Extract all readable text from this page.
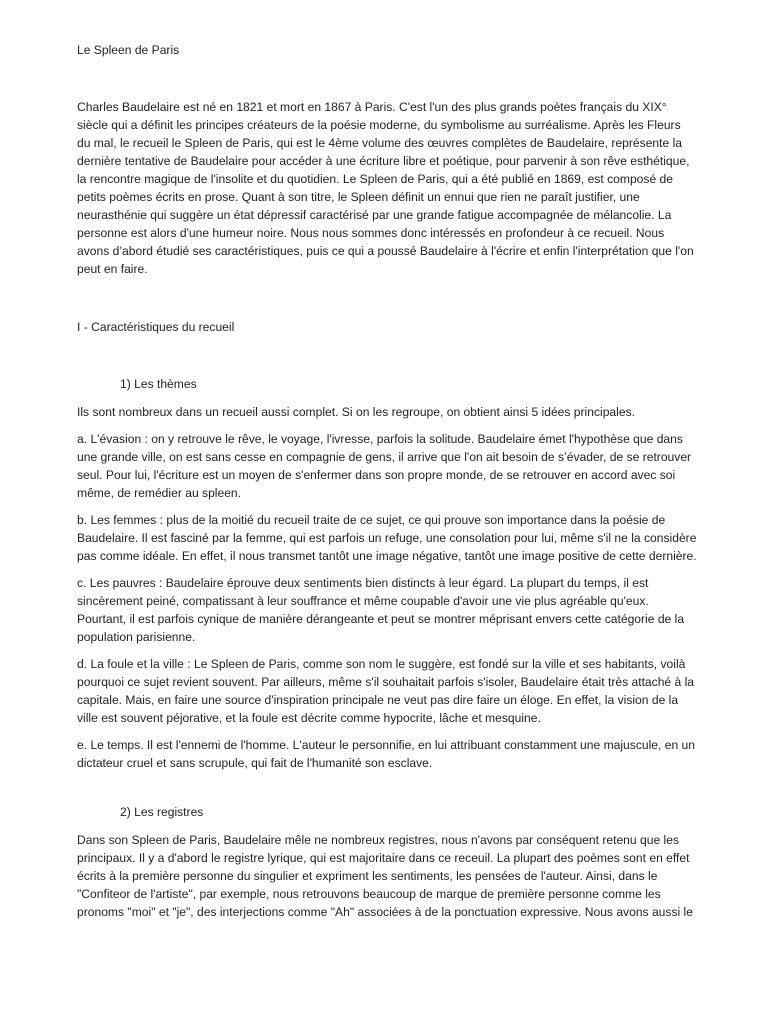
Le Spleen de Paris

Charles Baudelaire est né en 1821 et mort en 1867 à Paris. C'est l'un des plus grands poètes français du XIX° siècle qui a définit les principes créateurs de la poésie moderne, du symbolisme au surréalisme. Après les Fleurs du mal, le recueil le Spleen de Paris, qui est le 4ème volume des œuvres complètes de Baudelaire, représente la dernière tentative de Baudelaire pour accéder à une écriture libre et poétique, pour parvenir à son rêve esthétique, la rencontre magique de l'insolite et du quotidien. Le Spleen de Paris, qui a été publié en 1869, est composé de petits poèmes écrits en prose. Quant à son titre, le Spleen définit un ennui que rien ne paraît justifier, une neurasthénie qui suggère un état dépressif caractérisé par une grande fatigue accompagnée de mélancolie. La personne est alors d'une humeur noire. Nous nous sommes donc intéressés en profondeur à ce recueil. Nous avons d’abord étudié ses caractéristiques, puis ce qui a poussé Baudelaire à l'écrire et enfin l'interprétation que l'on peut en faire.

I - Caractéristiques du recueil
1) Les thèmes

Ils sont nombreux dans un recueil aussi complet. Si on les regroupe, on obtient ainsi 5 idées principales.

a. L'évasion : on y retrouve le rêve, le voyage, l'ivresse, parfois la solitude. Baudelaire émet l'hypothèse que dans une grande ville, on est sans cesse en compagnie de gens, il arrive que l'on ait besoin de s’évader, de se retrouver seul. Pour lui, l'écriture est un moyen de s'enfermer dans son propre monde, de se retrouver en accord avec soi même, de remédier au spleen.

b. Les femmes : plus de la moitié du recueil traite de ce sujet, ce qui prouve son importance dans la poésie de Baudelaire. Il est fasciné par la femme, qui est parfois un refuge, une consolation pour lui, même s'il ne la considère pas comme idéale. En effet, il nous transmet tantôt une image négative, tantôt une image positive de cette dernière.

c. Les pauvres : Baudelaire éprouve deux sentiments bien distincts à leur égard. La plupart du temps, il est sincèrement peiné, compatissant à leur souffrance et même coupable d'avoir une vie plus agréable qu'eux. Pourtant, il est parfois cynique de manière dérangeante et peut se montrer méprisant envers cette catégorie de la population parisienne.

d. La foule et la ville : Le Spleen de Paris, comme son nom le suggère, est fondé sur la ville et ses habitants, voilà pourquoi ce sujet revient souvent. Par ailleurs, même s'il souhaitait parfois s'isoler, Baudelaire était très attaché à la capitale. Mais, en faire une source d'inspiration principale ne veut pas dire faire un éloge. En effet, la vision de la ville est souvent péjorative, et la foule est décrite comme hypocrite, lâche et mesquine.

e. Le temps. Il est l'ennemi de l'homme. L'auteur le personnifie, en lui attribuant constamment une majuscule, en un dictateur cruel et sans scrupule, qui fait de l'humanité son esclave.

2) Les registres

Dans son Spleen de Paris, Baudelaire mêle ne nombreux registres, nous n'avons par conséquent retenu que les principaux. Il y a d'abord le registre lyrique, qui est majoritaire dans ce receuil. La plupart des poèmes sont en effet écrits à la première personne du singulier et expriment les sentiments, les pensées de l'auteur. Ainsi, dans le "Confiteor de l'artiste", par exemple, nous retrouvons beaucoup de marque de première personne comme les pronoms "moi" et "je", des interjections comme "Ah" associées à de la ponctuation expressive. Nous avons aussi le
